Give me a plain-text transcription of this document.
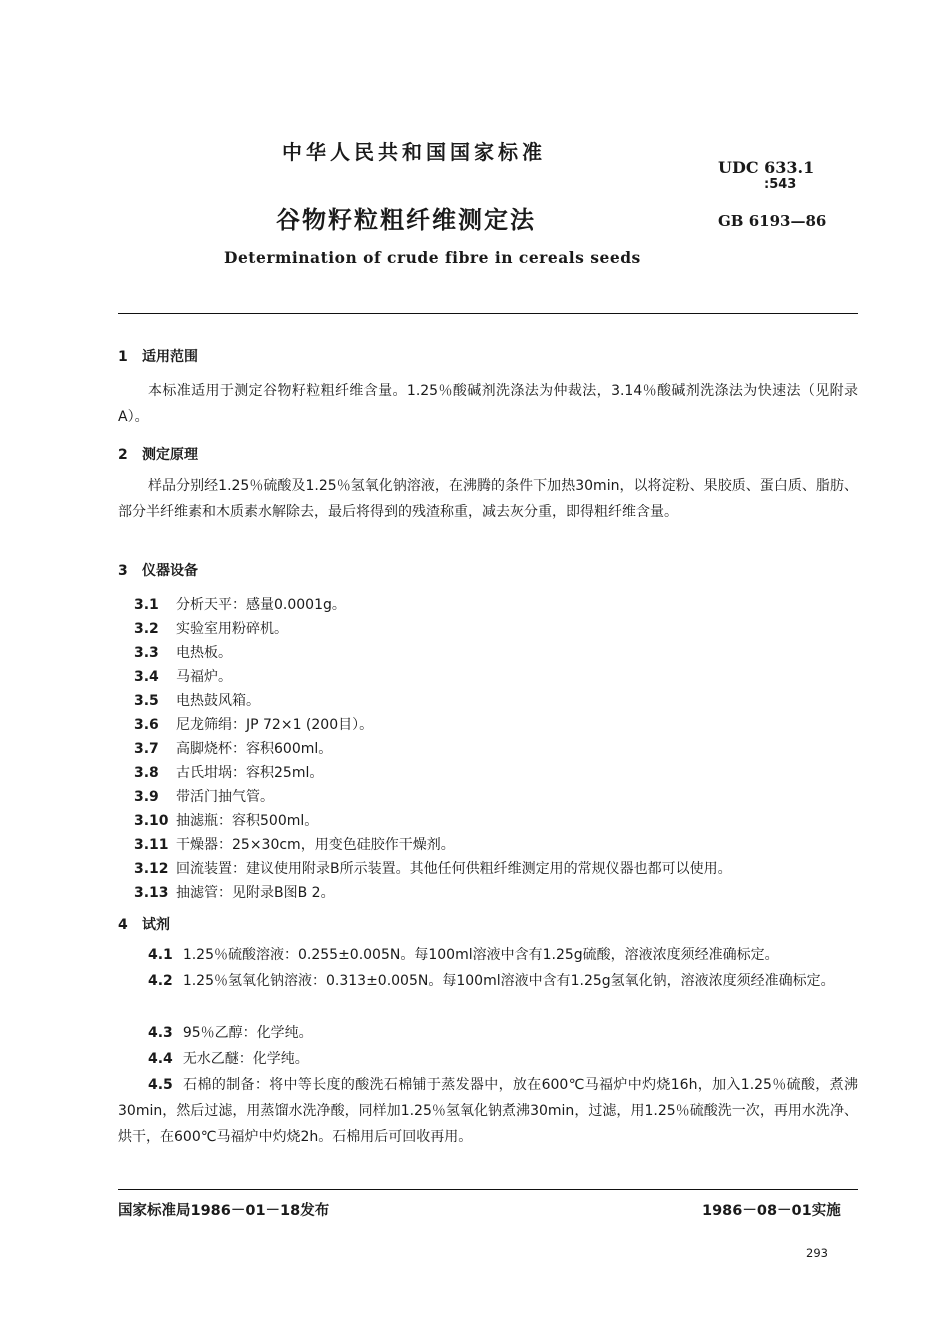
中华人民共和国国家标准
UDC 633.1
:543
谷物籽粒粗纤维测定法	GB 6193—86
Determination of crude fibre in cereals seeds
1 适用范围
本标准适用于测定谷物籽粒粗纤维含量。1.25％酸碱剂洗涤法为仲裁法，3.14％酸碱剂洗涤法为快速法（见附录A）。
2 测定原理
样品分别经1.25％硫酸及1.25％氢氧化钠溶液，在沸腾的条件下加热30min，以将淀粉、果胶质、蛋白质、脂肪、部分半纤维素和木质素水解除去，最后将得到的残渣称重，减去灰分重，即得粗纤维含量。
3 仪器设备
3.1 分析天平：感量0.0001g。
3.2 实验室用粉碎机。
3.3 电热板。
3.4 马福炉。
3.5 电热鼓风箱。
3.6 尼龙筛绢：JP 72×1 (200目）。
3.7 高脚烧杯：容积600ml。
3.8 古氏坩埚：容积25ml。
3.9 带活门抽气管。
3.10 抽滤瓶：容积500ml。
3.11 干燥器：25×30cm，用变色硅胶作干燥剂。
3.12 回流装置：建议使用附录B所示装置。其他任何供粗纤维测定用的常规仪器也都可以使用。
3.13 抽滤管：见附录B图B 2。
4 试剂
4.1 1.25％硫酸溶液：0.255±0.005N。每100ml溶液中含有1.25g硫酸，溶液浓度须经准确标定。
4.2 1.25％氢氧化钠溶液：0.313±0.005N。每100ml溶液中含有1.25g氢氧化钠，溶液浓度须经准确标定。
4.3 95％乙醇：化学纯。
4.4 无水乙醚：化学纯。
4.5 石棉的制备：将中等长度的酸洗石棉铺于蒸发器中，放在600℃马福炉中灼烧16h，加入1.25％硫酸，煮沸30min，然后过滤，用蒸馏水洗净酸，同样加1.25％氢氧化钠煮沸30min，过滤，用1.25％硫酸洗一次，再用水洗净、烘干，在600℃马福炉中灼烧2h。石棉用后可回收再用。
国家标准局1986－01－18发布	1986－08－01实施
293
